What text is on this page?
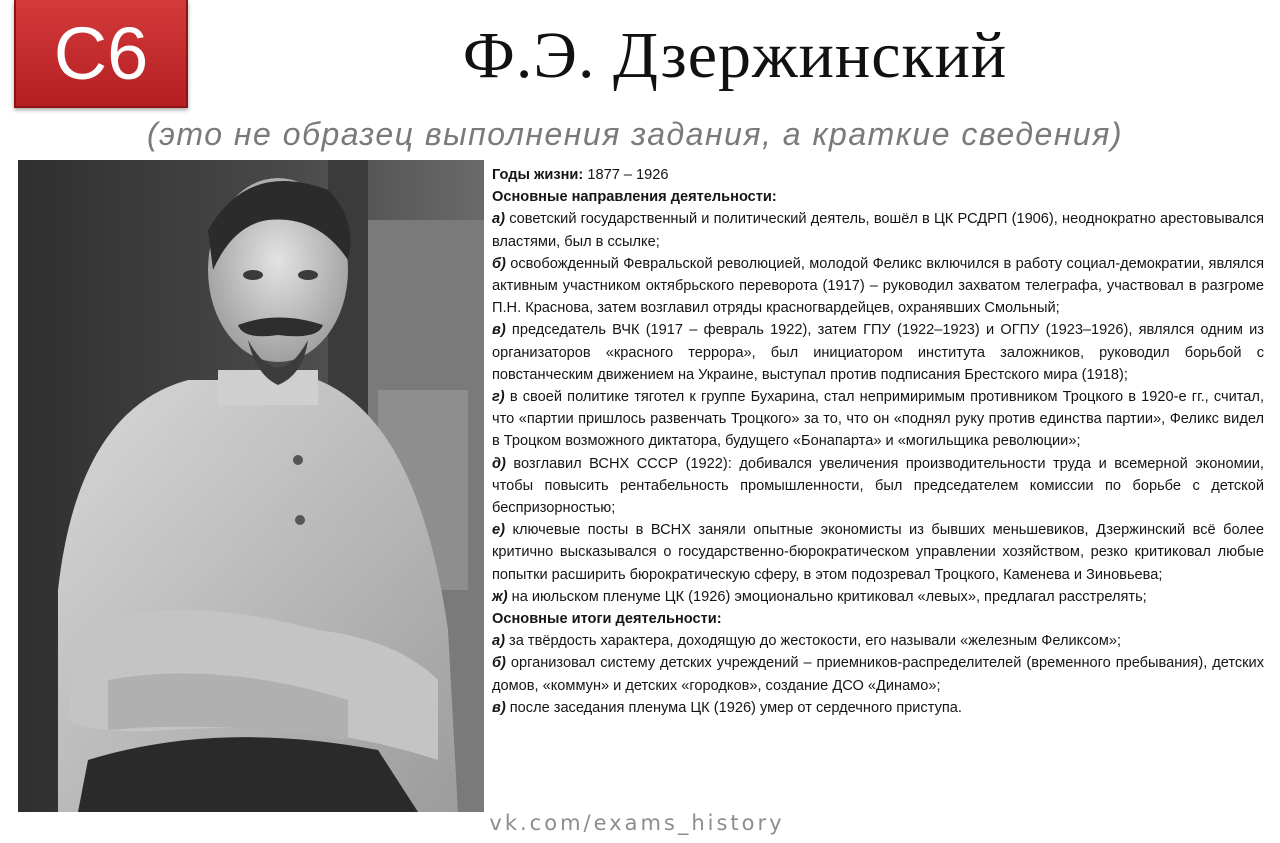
С6	Ф.Э. Дзержинский
(это не образец выполнения задания, а краткие сведения)

Годы жизни: 1877 – 1926

Основные направления деятельности:

а) советский государственный и политический деятель, вошёл в ЦК РСДРП (1906), неоднократно арестовывался властями, был в ссылке;

б) освобожденный Февральской революцией, молодой Феликс включился в работу социал-демократии, являлся активным участником октябрьского переворота (1917) – руководил захватом телеграфа, участвовал в разгроме П.Н. Краснова, затем возглавил отряды красногвардейцев, охранявших Смольный;

в) председатель ВЧК (1917 – февраль 1922), затем ГПУ (1922–1923) и ОГПУ (1923–1926), являлся одним из организаторов «красного террора», был инициатором института заложников, руководил борьбой с повстанческим движением на Украине, выступал против подписания Брестского мира (1918);

г) в своей политике тяготел к группе Бухарина, стал непримиримым противником Троцкого в 1920-е гг., считал, что «партии пришлось развенчать Троцкого» за то, что он «поднял руку против единства партии», Феликс видел в Троцком возможного диктатора, будущего «Бонапарта» и «могильщика революции»;

д) возглавил ВСНХ СССР (1922): добивался увеличения производительности труда и всемерной экономии, чтобы повысить рентабельность промышленности, был председателем комиссии по борьбе с детской беспризорностью;

е) ключевые посты в ВСНХ заняли опытные экономисты из бывших меньшевиков, Дзержинский всё более критично высказывался о государственно-бюрократическом управлении хозяйством, резко критиковал любые попытки расширить бюрократическую сферу, в этом подозревал Троцкого, Каменева и Зиновьева;

ж) на июльском пленуме ЦК (1926) эмоционально критиковал «левых», предлагал расстрелять;

Основные итоги деятельности:

а) за твёрдость характера, доходящую до жестокости, его называли «железным Феликсом»;

б) организовал систему детских учреждений – приемников-распределителей (временного пребывания), детских домов, «коммун» и детских «городков», создание ДСО «Динамо»;

в) после заседания пленума ЦК (1926) умер от сердечного приступа.

vk.com/exams_history
